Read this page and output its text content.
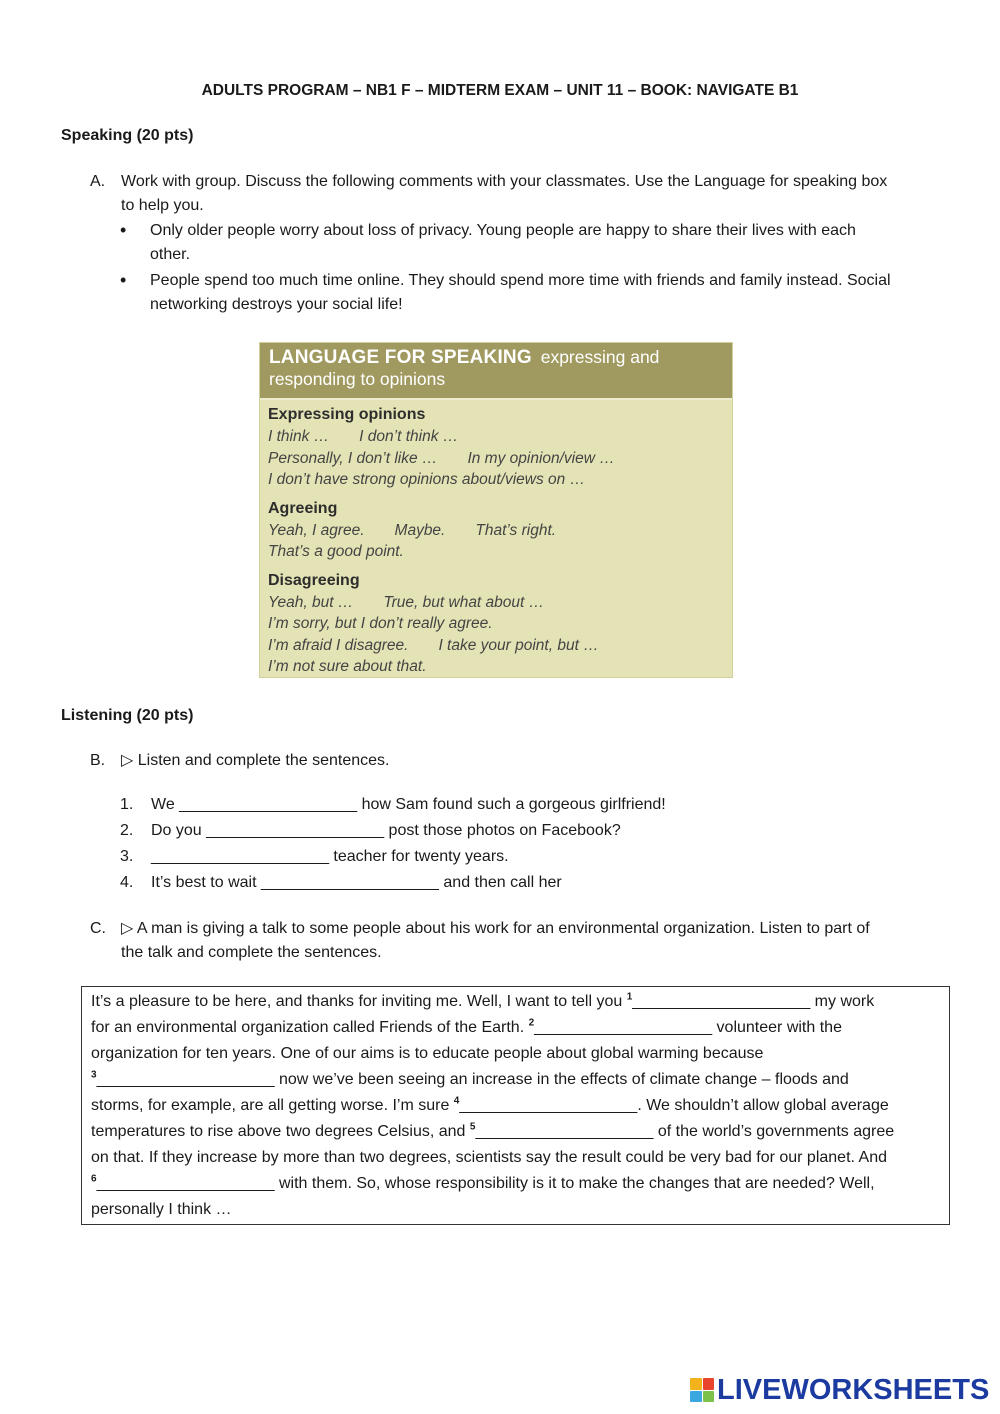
ADULTS PROGRAM – NB1 F – MIDTERM EXAM – UNIT 11 – BOOK: NAVIGATE B1
Speaking (20 pts)
A. Work with group. Discuss the following comments with your classmates. Use the Language for speaking box
to help you.
• Only older people worry about loss of privacy. Young people are happy to share their lives with each
other.
• People spend too much time online. They should spend more time with friends and family instead. Social
networking destroys your social life!
LANGUAGE FOR SPEAKING expressing and
responding to opinions
Expressing opinions
I think … I don’t think …
Personally, I don’t like … In my opinion/view …
I don’t have strong opinions about/views on …
Agreeing
Yeah, I agree. Maybe. That’s right.
That’s a good point.
Disagreeing
Yeah, but … True, but what about …
I’m sorry, but I don’t really agree.
I’m afraid I disagree. I take your point, but …
I’m not sure about that.
Listening (20 pts)
B. ▷ Listen and complete the sentences.
1. We ____________________ how Sam found such a gorgeous girlfriend!
2. Do you ____________________ post those photos on Facebook?
3. ____________________ teacher for twenty years.
4. It’s best to wait ____________________ and then call her
C. ▷ A man is giving a talk to some people about his work for an environmental organization. Listen to part of
the talk and complete the sentences.
It’s a pleasure to be here, and thanks for inviting me. Well, I want to tell you $^1$____________________ my work
for an environmental organization called Friends of the Earth. $^2$____________________ volunteer with the
organization for ten years. One of our aims is to educate people about global warming because
$^3$____________________ now we’ve been seeing an increase in the effects of climate change – floods and
storms, for example, are all getting worse. I’m sure $^4$____________________. We shouldn’t allow global average
temperatures to rise above two degrees Celsius, and $^5$____________________ of the world’s governments agree
on that. If they increase by more than two degrees, scientists say the result could be very bad for our planet. And
$^6$____________________ with them. So, whose responsibility is it to make the changes that are needed? Well,
personally I think …
LIVEWORKSHEETS
